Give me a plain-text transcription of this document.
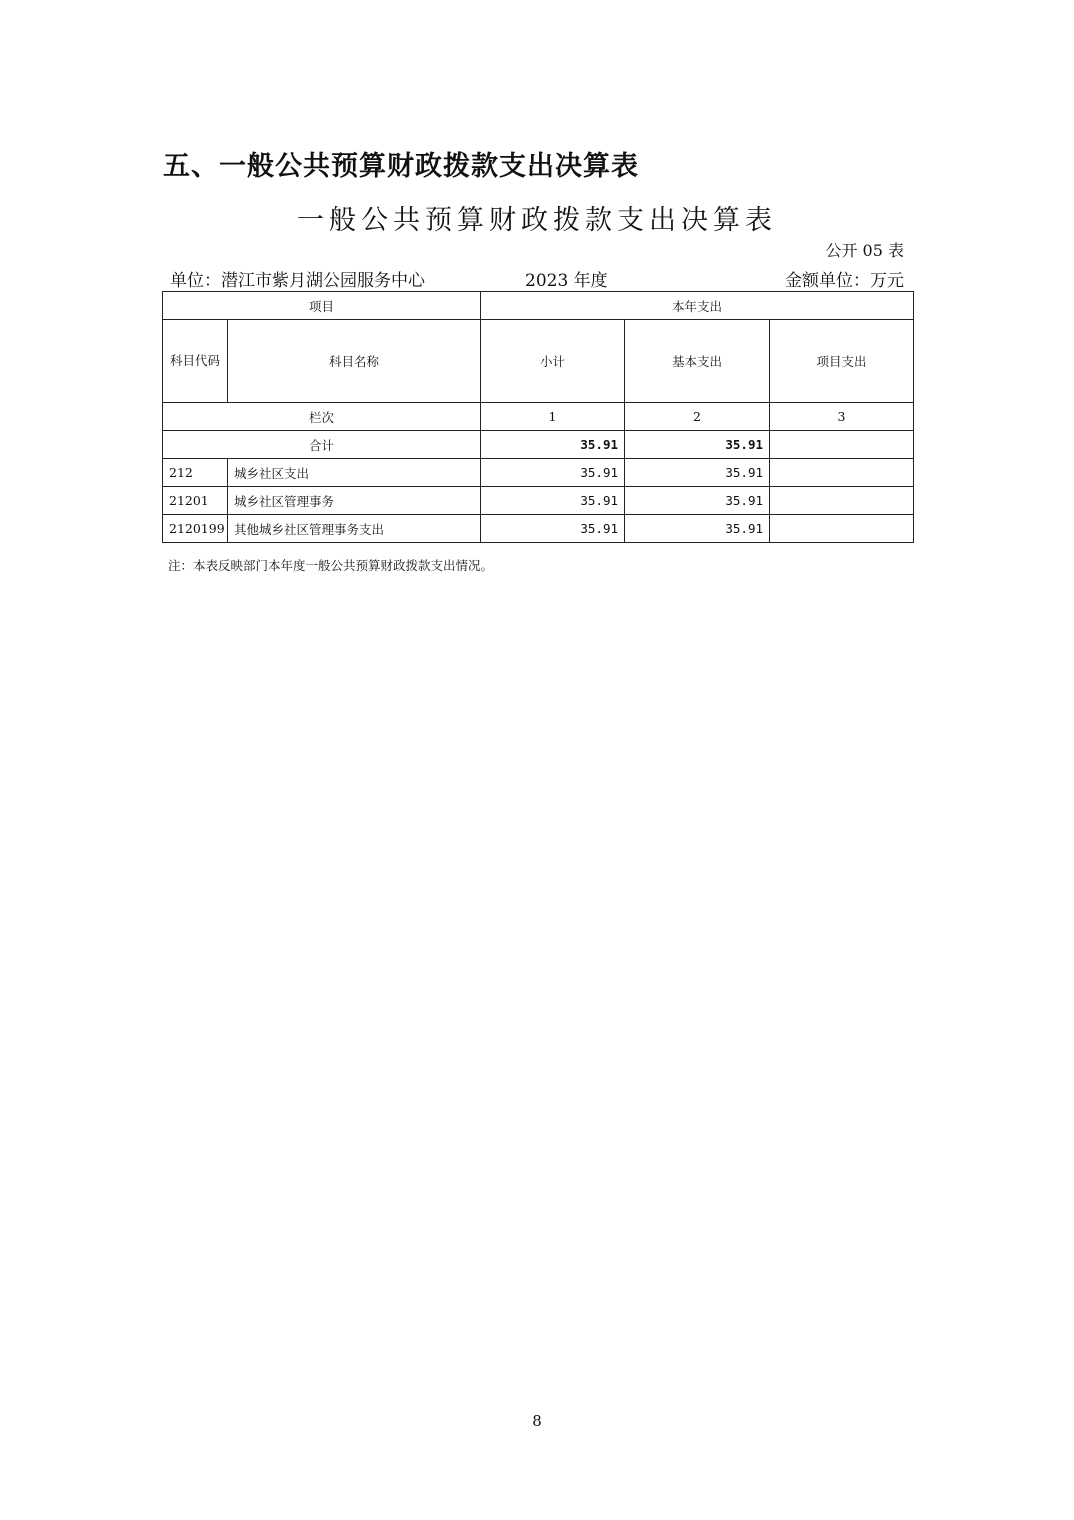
五、一般公共预算财政拨款支出决算表
一般公共预算财政拨款支出决算表
公开 05 表
单位：潜江市紫月湖公园服务中心	2023 年度	金额单位：万元
项目		本年支出		
科目代码	科目名称	小计	基本支出	项目支出
栏次		1	2	3
合计		35.91	35.91	
212	城乡社区支出	35.91	35.91	
21201	城乡社区管理事务	35.91	35.91	
2120199	其他城乡社区管理事务支出	35.91	35.91	
注：本表反映部门本年度一般公共预算财政拨款支出情况。
8
